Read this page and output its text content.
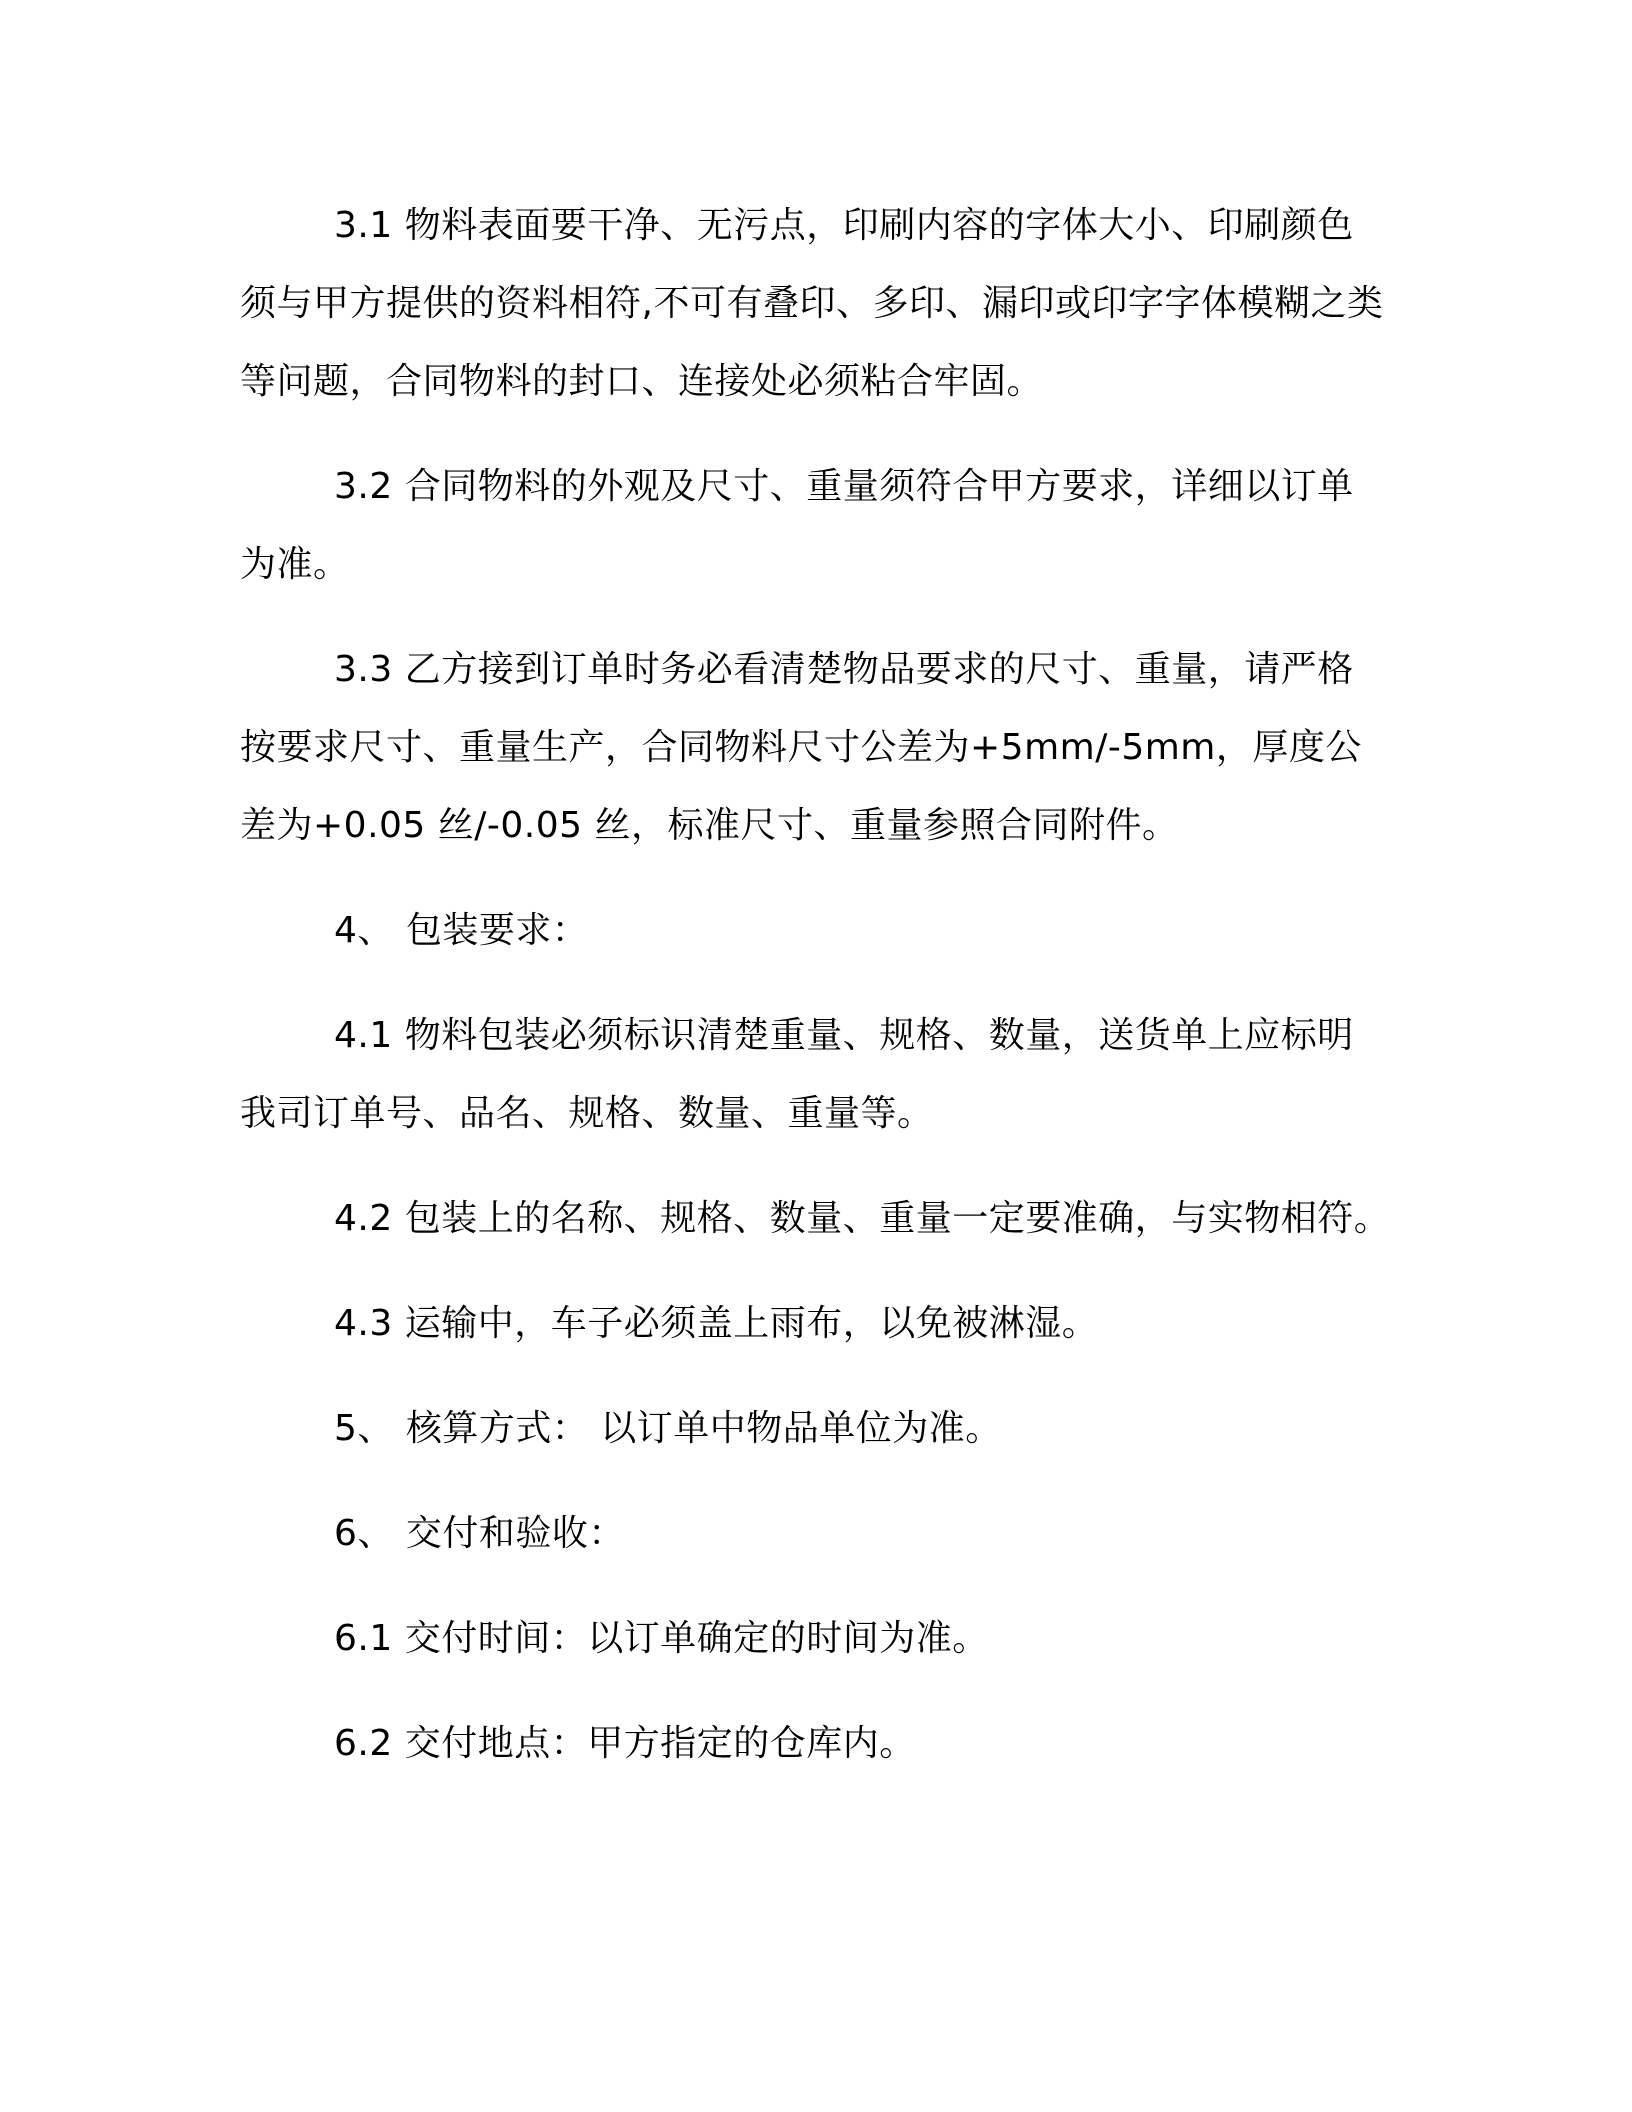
3.1 物料表面要干净、无污点，印刷内容的字体大小、印刷颜色须与甲方提供的资料相符,不可有叠印、多印、漏印或印字字体模糊之类等问题，合同物料的封口、连接处必须粘合牢固。

3.2 合同物料的外观及尺寸、重量须符合甲方要求，详细以订单为准。

3.3 乙方接到订单时务必看清楚物品要求的尺寸、重量，请严格按要求尺寸、重量生产，合同物料尺寸公差为+5mm/-5mm，厚度公差为+0.05 丝/-0.05 丝，标准尺寸、重量参照合同附件。

4、 包装要求：

4.1 物料包装必须标识清楚重量、规格、数量，送货单上应标明我司订单号、品名、规格、数量、重量等。

4.2 包装上的名称、规格、数量、重量一定要准确，与实物相符。

4.3 运输中，车子必须盖上雨布，以免被淋湿。

5、 核算方式： 以订单中物品单位为准。

6、 交付和验收：

6.1 交付时间：以订单确定的时间为准。

6.2 交付地点：甲方指定的仓库内。
